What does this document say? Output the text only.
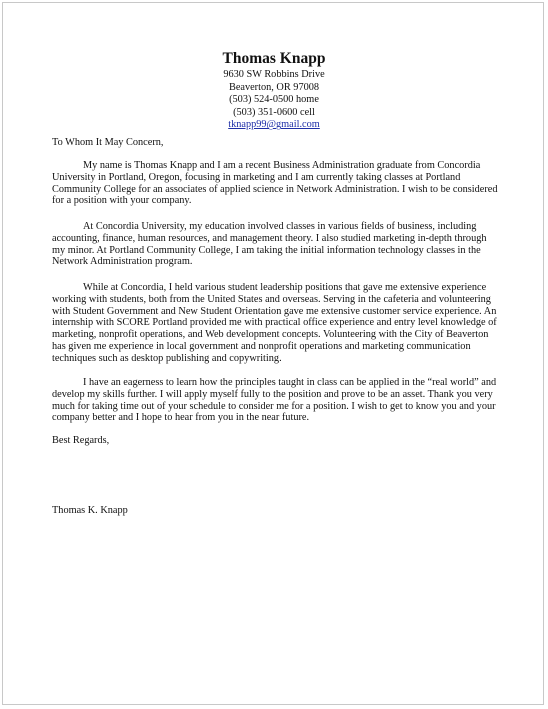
Thomas Knapp
9630 SW Robbins Drive
Beaverton, OR 97008
(503) 524-0500 home
(503) 351-0600 cell
tknapp99@gmail.com
To Whom It May Concern,
My name is Thomas Knapp and I am a recent Business Administration graduate from Concordia University in Portland, Oregon, focusing in marketing and I am currently taking classes at Portland Community College for an associates of applied science in Network Administration. I wish to be considered for a position with your company.
At Concordia University, my education involved classes in various fields of business, including accounting, finance, human resources, and management theory. I also studied marketing in-depth through my minor. At Portland Community College, I am taking the initial information technology classes in the Network Administration program.
While at Concordia, I held various student leadership positions that gave me extensive experience working with students, both from the United States and overseas. Serving in the cafeteria and volunteering with Student Government and New Student Orientation gave me extensive customer service experience. An internship with SCORE Portland provided me with practical office experience and entry level knowledge of marketing, nonprofit operations, and Web development concepts. Volunteering with the City of Beaverton has given me experience in local government and nonprofit operations and marketing communication techniques such as desktop publishing and copywriting.
I have an eagerness to learn how the principles taught in class can be applied in the “real world” and develop my skills further. I will apply myself fully to the position and prove to be an asset. Thank you very much for taking time out of your schedule to consider me for a position. I wish to get to know you and your company better and I hope to hear from you in the near future.
Best Regards,
Thomas K. Knapp
